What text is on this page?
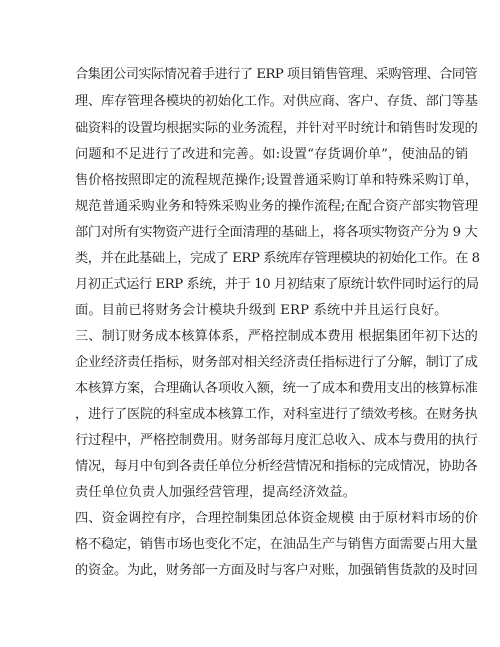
合集团公司实际情况着手进行了 ERP 项目销售管理、采购管理、合同管
理、库存管理各模块的初始化工作。对供应商、客户、存货、部门等基
础资料的设置均根据实际的业务流程，并针对平时统计和销售时发现的
问题和不足进行了改进和完善。如:设置“存货调价单”，使油品的销
售价格按照即定的流程规范操作;设置普通采购订单和特殊采购订单，
规范普通采购业务和特殊采购业务的操作流程;在配合资产部实物管理
部门对所有实物资产进行全面清理的基础上，将各项实物资产分为 9 大
类，并在此基础上，完成了 ERP 系统库存管理模块的初始化工作。在 8
月初正式运行 ERP 系统，并于 10 月初结束了原统计软件同时运行的局
面。目前已将财务会计模块升级到 ERP 系统中并且运行良好。
三、制订财务成本核算体系，严格控制成本费用 根据集团年初下达的
企业经济责任指标，财务部对相关经济责任指标进行了分解，制订了成
本核算方案，合理确认各项收入额，统一了成本和费用支出的核算标准
，进行了医院的科室成本核算工作，对科室进行了绩效考核。在财务执
行过程中，严格控制费用。财务部每月度汇总收入、成本与费用的执行
情况，每月中旬到各责任单位分析经营情况和指标的完成情况，协助各
责任单位负责人加强经营管理，提高经济效益。
四、资金调控有序，合理控制集团总体资金规模 由于原材料市场的价
格不稳定，销售市场也变化不定，在油品生产与销售方面需要占用大量
的资金。为此，财务部一方面及时与客户对账，加强销售货款的及时回
